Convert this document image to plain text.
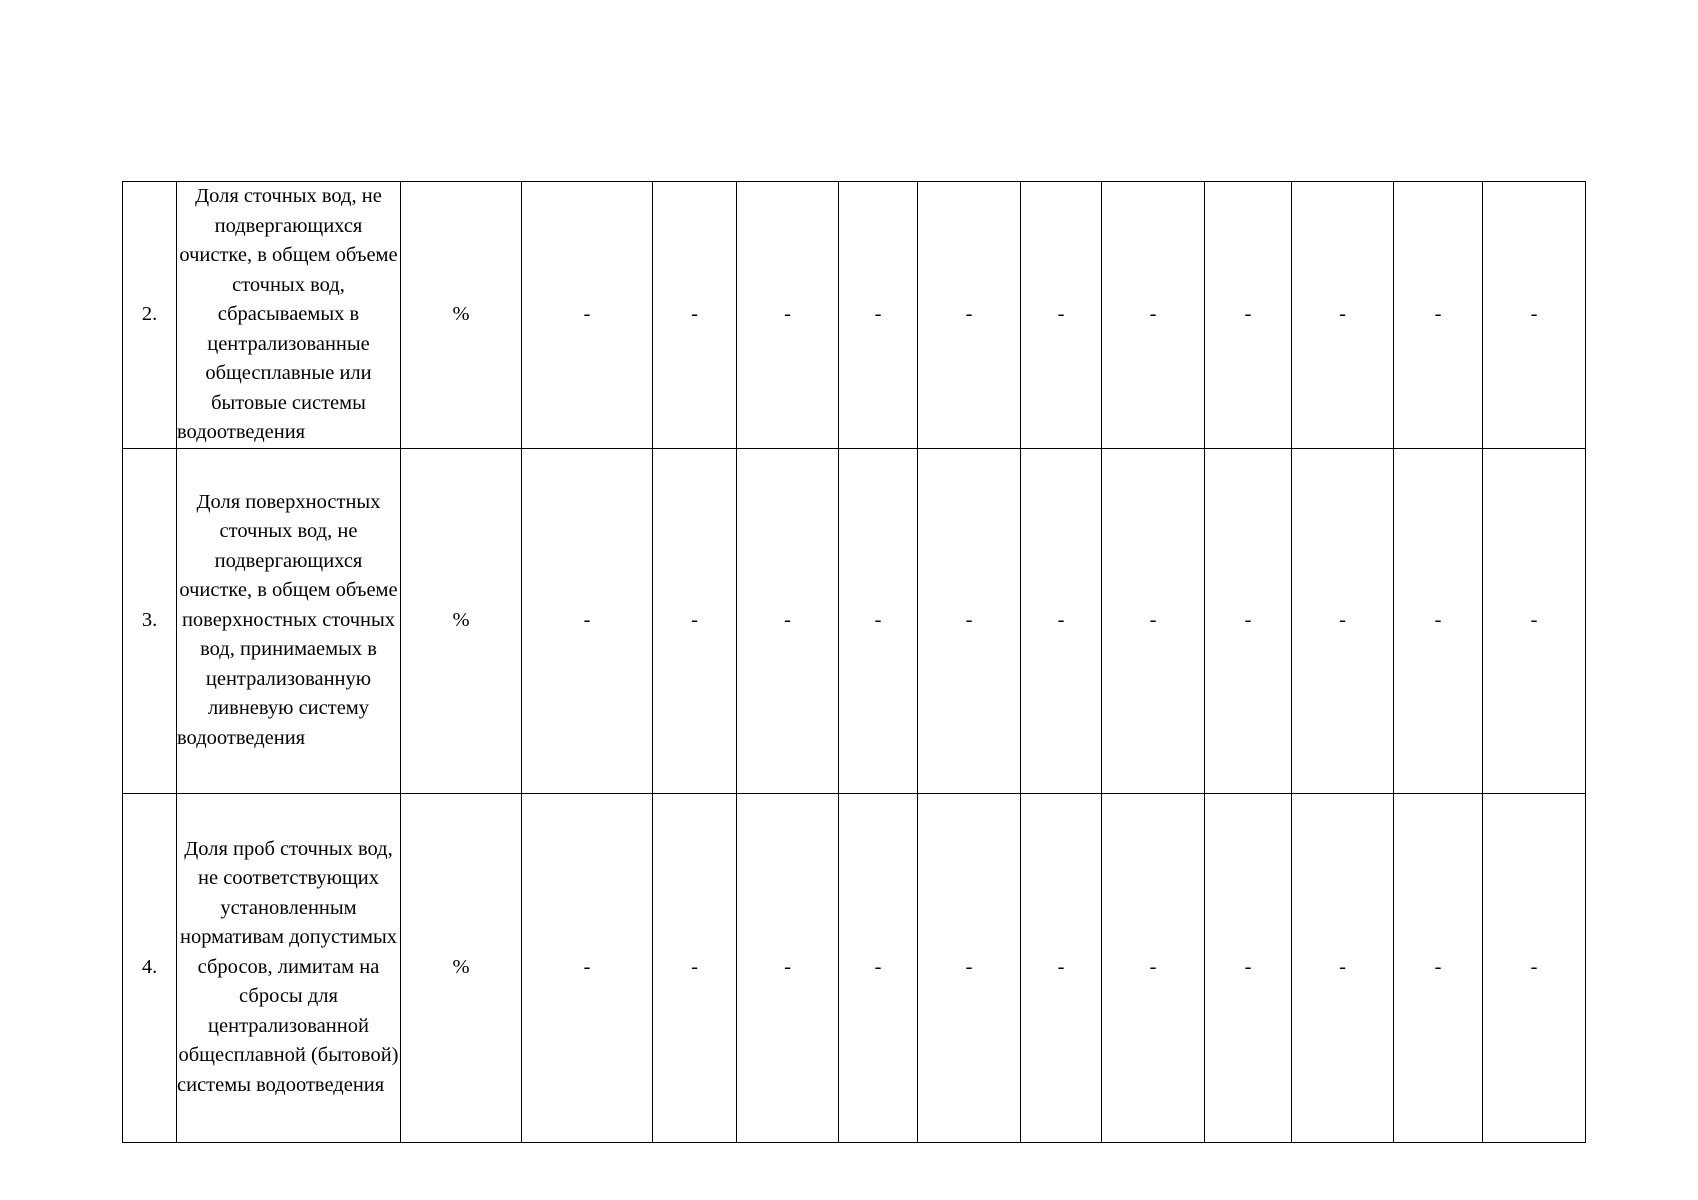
2.	Доля сточных вод, не подвергающихся очистке, в общем объеме сточных вод, сбрасываемых в централизованные общесплавные или бытовые системы водоотведения	%	-	-	-	-	-	-	-	-	-	-	-
3.	Доля поверхностных сточных вод, не подвергающихся очистке, в общем объеме поверхностных сточных вод, принимаемых в централизованную ливневую систему водоотведения	%	-	-	-	-	-	-	-	-	-	-	-
4.	Доля проб сточных вод, не соответствующих установленным нормативам допустимых сбросов, лимитам на сбросы для централизованной общесплавной (бытовой) системы водоотведения	%	-	-	-	-	-	-	-	-	-	-	-
